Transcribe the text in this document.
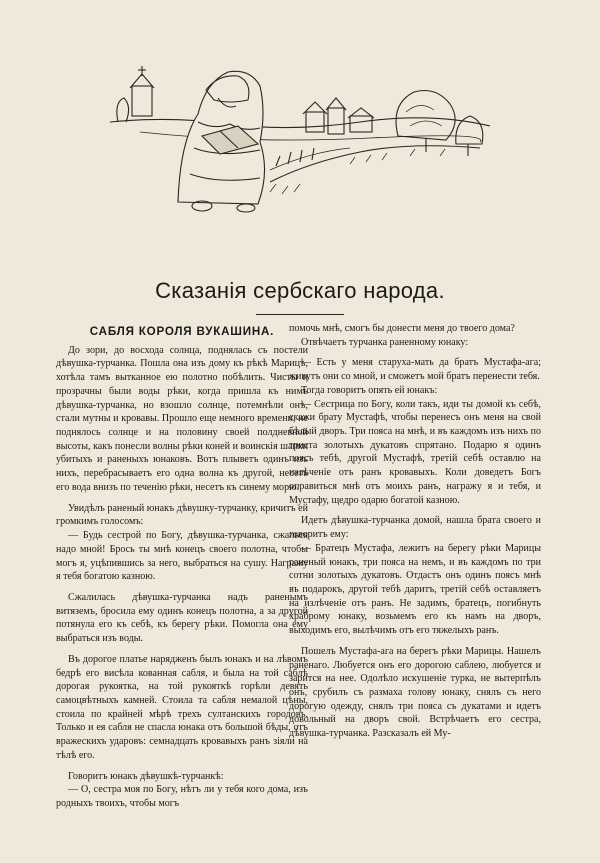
Сказанія сербскаго народа.
САБЛЯ КОРОЛЯ ВУКАШИНА.

До зори, до восхода солнца, поднялась съ постели дѣвушка-турчанка. Пошла она изъ дому къ рѣкѣ Марицѣ, хотѣла тамъ вытканное ею полотно побѣлить. Чисты и прозрачны были воды рѣки, когда пришла къ нимъ дѣвушка-турчанка, но взошло солнце, потемнѣли онѣ, стали мутны и кровавы. Прошло еще немного времени, не поднялось солнце и на половину своей полдневной высоты, какъ понесли волны рѣки коней и воинскія шапки убитыхъ и раненыхъ юнаковъ. Вотъ плыветъ одинъ изъ нихъ, перебрасываетъ его одна волна къ другой, несетъ его вода внизъ по теченію рѣки, несетъ къ синему морю.

Увидѣлъ раненый юнакъ дѣвушку-турчанку, кричитъ ей громкимъ голосомъ:

— Будь сестрой по Богу, дѣвушка-турчанка, сжалься надо мной! Брось ты мнѣ конецъ своего полотна, чтобы могъ я, уцѣпившись за него, выбраться на сушу. Награжу я тебя богатою казною.

Сжалилась дѣвушка-турчанка надъ раненымъ витяземъ, бросила ему одинъ конецъ полотна, а за другой потянула его къ себѣ, къ берегу рѣки. Помогла она ему выбраться изъ воды.

Въ дорогое платье нарядженъ былъ юнакъ и на лѣвомъ бедрѣ его висѣла кованная сабля, и была на той саблѣ дорогая рукоятка, на той рукояткѣ горѣли девять самоцвѣтныхъ камней. Стоила та сабля немалой цѣны, стоила по крайней мѣрѣ трехъ султанскихъ городовъ. Только и ея сабля не спасла юнака отъ большой бѣды, отъ вражескихъ ударовъ: семнадцать кровавыхъ ранъ зіяли на тѣлѣ его.

Говоритъ юнакъ дѣвушкѣ-турчанкѣ:

— О, сестра моя по Богу, нѣтъ ли у тебя кого дома, изъ родныхъ твоихъ, чтобы могъ

помочь мнѣ, смогъ бы донести меня до твоего дома?

Отвѣчаетъ турчанка раненному юнаку:

— Есть у меня старуха-мать да братъ Мустафа-ага; живутъ они со мной, и сможетъ мой братъ перенести тебя.

Тогда говоритъ опять ей юнакъ:

— Сестрица по Богу, коли такъ, иди ты домой къ себѣ, скажи брату Мустафѣ, чтобы перенесъ онъ меня на свой бѣлый дворъ. Три пояса на мнѣ, и въ каждомъ изъ нихъ по триста золотыхъ дукатовъ спрятано. Подарю я одинъ поясъ тебѣ, другой Мустафѣ, третій себѣ оставлю на излѣченіе отъ ранъ кровавыхъ. Коли доведетъ Богъ оправиться мнѣ отъ моихъ ранъ, награжу я и тебя, и Мустафу, щедро одарю богатой казною.

Идетъ дѣвушка-турчанка домой, нашла брата своего и говоритъ ему:

— Братецъ Мустафа, лежитъ на берегу рѣки Марицы раненый юнакъ, три пояса на немъ, и въ каждомъ по три сотни золотыхъ дукатовъ. Отдастъ онъ одинъ поясъ мнѣ въ подарокъ, другой тебѣ даритъ, третій себѣ оставляетъ на излѣченіе отъ ранъ. Не задимъ, братецъ, погибнуть храброму юнаку, возьмемъ его къ намъ на дворъ, выходимъ его, вылѣчимъ отъ его тяжелыхъ ранъ.

Пошелъ Мустафа-ага на берегъ рѣки Марицы. Нашелъ раненаго. Любуется онъ его дорогою саблею, любуется и зарится на нее. Одолѣло искушеніе турка, не вытерпѣлъ онъ, срубилъ съ размаха голову юнаку, снялъ съ него дорогую одежду, снялъ три пояса съ дукатами и идетъ довольный на дворъ свой. Встрѣчаетъ его сестра, дѣвушка-турчанка. Разсказалъ ей Му-
